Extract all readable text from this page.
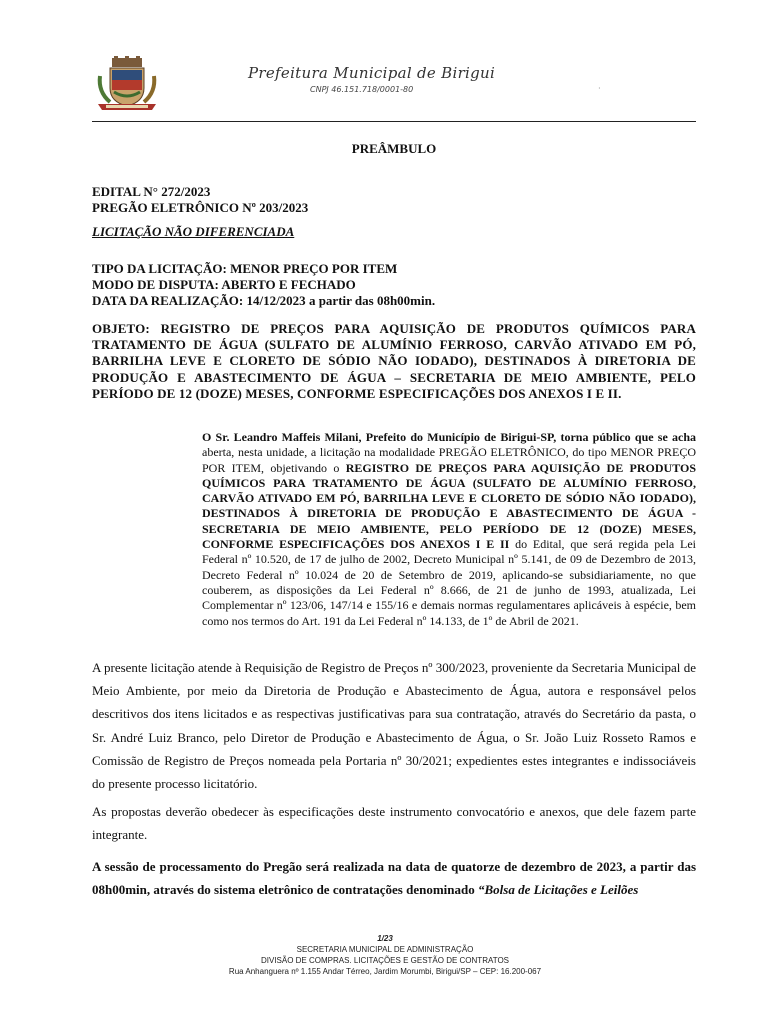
Prefeitura Municipal de Birigui
CNPJ 46.151.718/0001-80	·
PREÂMBULO
EDITAL N° 272/2023
PREGÃO ELETRÔNICO Nº 203/2023
LICITAÇÃO NÃO DIFERENCIADA
TIPO DA LICITAÇÃO: MENOR PREÇO POR ITEM
MODO DE DISPUTA: ABERTO E FECHADO
DATA DA REALIZAÇÃO: 14/12/2023 a partir das 08h00min.
OBJETO: REGISTRO DE PREÇOS PARA AQUISIÇÃO DE PRODUTOS QUÍMICOS PARA TRATAMENTO DE ÁGUA (SULFATO DE ALUMÍNIO FERROSO, CARVÃO ATIVADO EM PÓ, BARRILHA LEVE E CLORETO DE SÓDIO NÃO IODADO), DESTINADOS À DIRETORIA DE PRODUÇÃO E ABASTECIMENTO DE ÁGUA – SECRETARIA DE MEIO AMBIENTE, PELO PERÍODO DE 12 (DOZE) MESES, CONFORME ESPECIFICAÇÕES DOS ANEXOS I E II.
O Sr. Leandro Maffeis Milani, Prefeito do Município de Birigui-SP, torna público que se acha aberta, nesta unidade, a licitação na modalidade PREGÃO ELETRÔNICO, do tipo MENOR PREÇO POR ITEM, objetivando o REGISTRO DE PREÇOS PARA AQUISIÇÃO DE PRODUTOS QUÍMICOS PARA TRATAMENTO DE ÁGUA (SULFATO DE ALUMÍNIO FERROSO, CARVÃO ATIVADO EM PÓ, BARRILHA LEVE E CLORETO DE SÓDIO NÃO IODADO), DESTINADOS À DIRETORIA DE PRODUÇÃO E ABASTECIMENTO DE ÁGUA - SECRETARIA DE MEIO AMBIENTE, PELO PERÍODO DE 12 (DOZE) MESES, CONFORME ESPECIFICAÇÕES DOS ANEXOS I E II do Edital, que será regida pela Lei Federal nº 10.520, de 17 de julho de 2002, Decreto Municipal nº 5.141, de 09 de Dezembro de 2013, Decreto Federal nº 10.024 de 20 de Setembro de 2019, aplicando-se subsidiariamente, no que couberem, as disposições da Lei Federal nº 8.666, de 21 de junho de 1993, atualizada, Lei Complementar nº 123/06, 147/14 e 155/16 e demais normas regulamentares aplicáveis à espécie, bem como nos termos do Art. 191 da Lei Federal nº 14.133, de 1º de Abril de 2021.
A presente licitação atende à Requisição de Registro de Preços nº 300/2023, proveniente da Secretaria Municipal de Meio Ambiente, por meio da Diretoria de Produção e Abastecimento de Água, autora e responsável pelos descritivos dos itens licitados e as respectivas justificativas para sua contratação, através do Secretário da pasta, o Sr. André Luiz Branco, pelo Diretor de Produção e Abastecimento de Água, o Sr. João Luiz Rosseto Ramos e Comissão de Registro de Preços nomeada pela Portaria nº 30/2021; expedientes estes integrantes e indissociáveis do presente processo licitatório.
As propostas deverão obedecer às especificações deste instrumento convocatório e anexos, que dele fazem parte integrante.
A sessão de processamento do Pregão será realizada na data de quatorze de dezembro de 2023, a partir das 08h00min, através do sistema eletrônico de contratações denominado “Bolsa de Licitações e Leilões
1/23
SECRETARIA MUNICIPAL DE ADMINISTRAÇÃO
DIVISÃO DE COMPRAS. LICITAÇÕES E GESTÃO DE CONTRATOS
Rua Anhanguera nº 1.155 Andar Térreo, Jardim Morumbi, Birigui/SP – CEP: 16.200-067
